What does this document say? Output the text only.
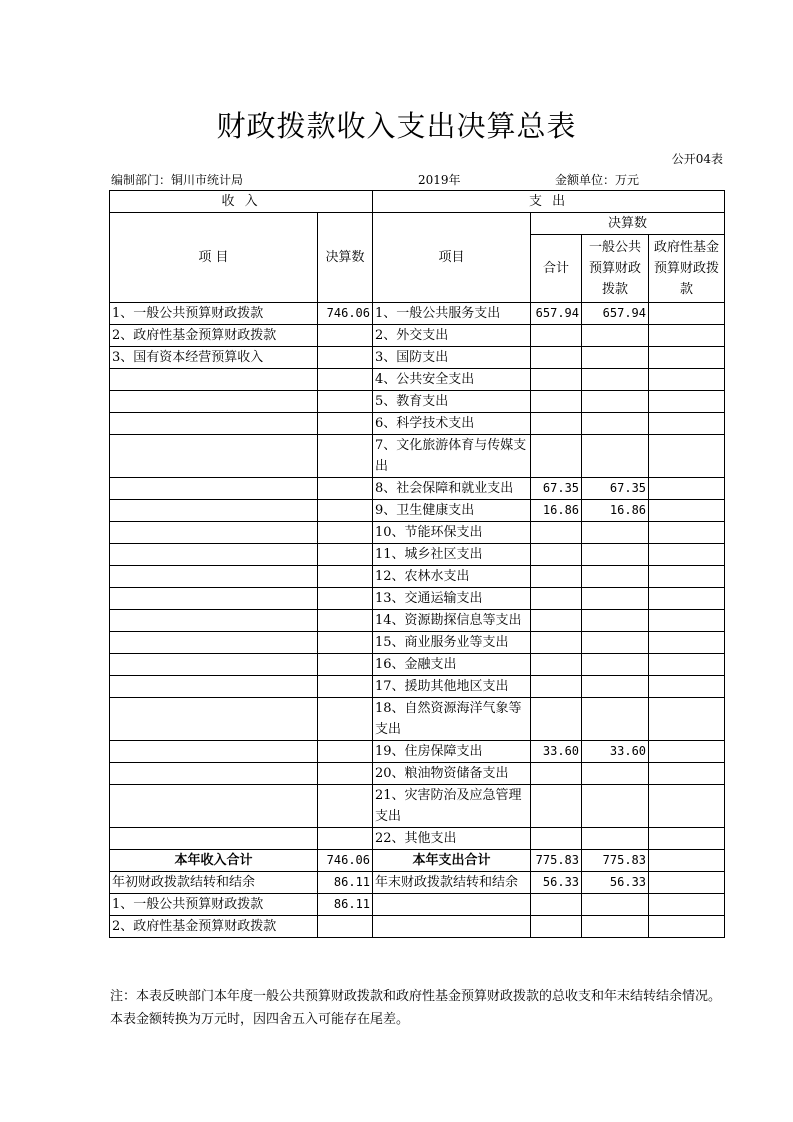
财政拨款收入支出决算总表
公开04表
编制部门：铜川市统计局	2019年	金额单位：万元
收 入		支 出			
项 目	决算数	项目	决算数		
			合计	一般公共预算财政拨款	政府性基金预算财政拨款
1、一般公共预算财政拨款	746.06	1、一般公共服务支出	657.94	657.94	
2、政府性基金预算财政拨款		2、外交支出			
3、国有资本经营预算收入		3、国防支出			
		4、公共安全支出			
		5、教育支出			
		6、科学技术支出			
		7、文化旅游体育与传媒支出			
		8、社会保障和就业支出	67.35	67.35	
		9、卫生健康支出	16.86	16.86	
		10、节能环保支出			
		11、城乡社区支出			
		12、农林水支出			
		13、交通运输支出			
		14、资源勘探信息等支出			
		15、商业服务业等支出			
		16、金融支出			
		17、援助其他地区支出			
		18、自然资源海洋气象等支出			
		19、住房保障支出	33.60	33.60	
		20、粮油物资储备支出			
		21、灾害防治及应急管理支出			
		22、其他支出			
本年收入合计	746.06	本年支出合计	775.83	775.83	
年初财政拨款结转和结余	86.11	年末财政拨款结转和结余	56.33	56.33	
1、一般公共预算财政拨款	86.11				
2、政府性基金预算财政拨款					
注：本表反映部门本年度一般公共预算财政拨款和政府性基金预算财政拨款的总收支和年末结转结余情况。本表金额转换为万元时，因四舍五入可能存在尾差。
